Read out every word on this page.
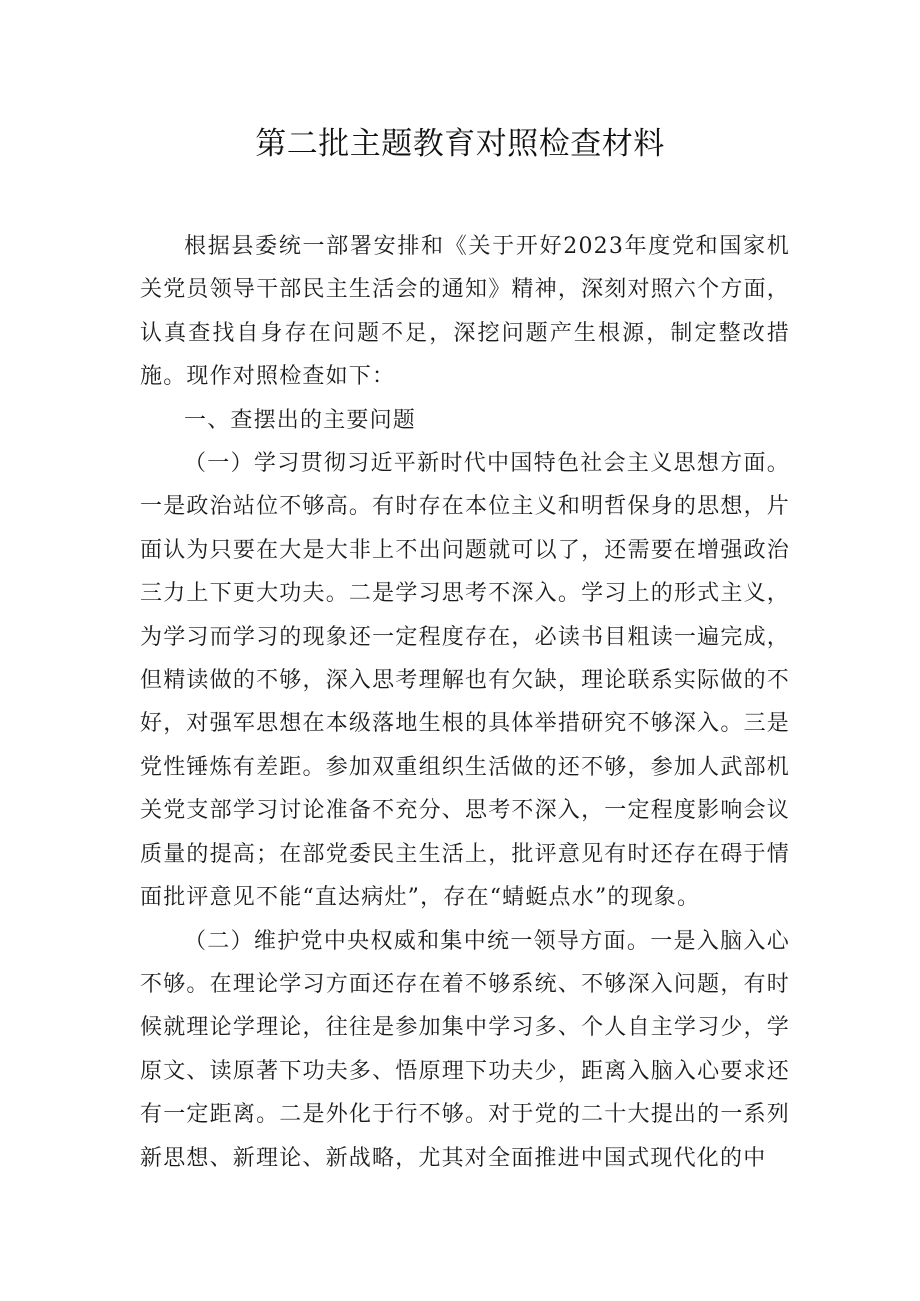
第二批主题教育对照检查材料

根据县委统一部署安排和《关于开好2023年度党和国家机关党员领导干部民主生活会的通知》精神，深刻对照六个方面，认真查找自身存在问题不足，深挖问题产生根源，制定整改措施。现作对照检查如下：

一、查摆出的主要问题

（一）学习贯彻习近平新时代中国特色社会主义思想方面。一是政治站位不够高。有时存在本位主义和明哲保身的思想，片面认为只要在大是大非上不出问题就可以了，还需要在增强政治三力上下更大功夫。二是学习思考不深入。学习上的形式主义，为学习而学习的现象还一定程度存在，必读书目粗读一遍完成，但精读做的不够，深入思考理解也有欠缺，理论联系实际做的不好，对强军思想在本级落地生根的具体举措研究不够深入。三是党性锤炼有差距。参加双重组织生活做的还不够，参加人武部机关党支部学习讨论准备不充分、思考不深入，一定程度影响会议质量的提高；在部党委民主生活上，批评意见有时还存在碍于情面批评意见不能“直达病灶”，存在“蜻蜓点水”的现象。

（二）维护党中央权威和集中统一领导方面。一是入脑入心不够。在理论学习方面还存在着不够系统、不够深入问题，有时候就理论学理论，往往是参加集中学习多、个人自主学习少，学原文、读原著下功夫多、悟原理下功夫少，距离入脑入心要求还有一定距离。二是外化于行不够。对于党的二十大提出的一系列新思想、新理论、新战略，尤其对全面推进中国式现代化的中
